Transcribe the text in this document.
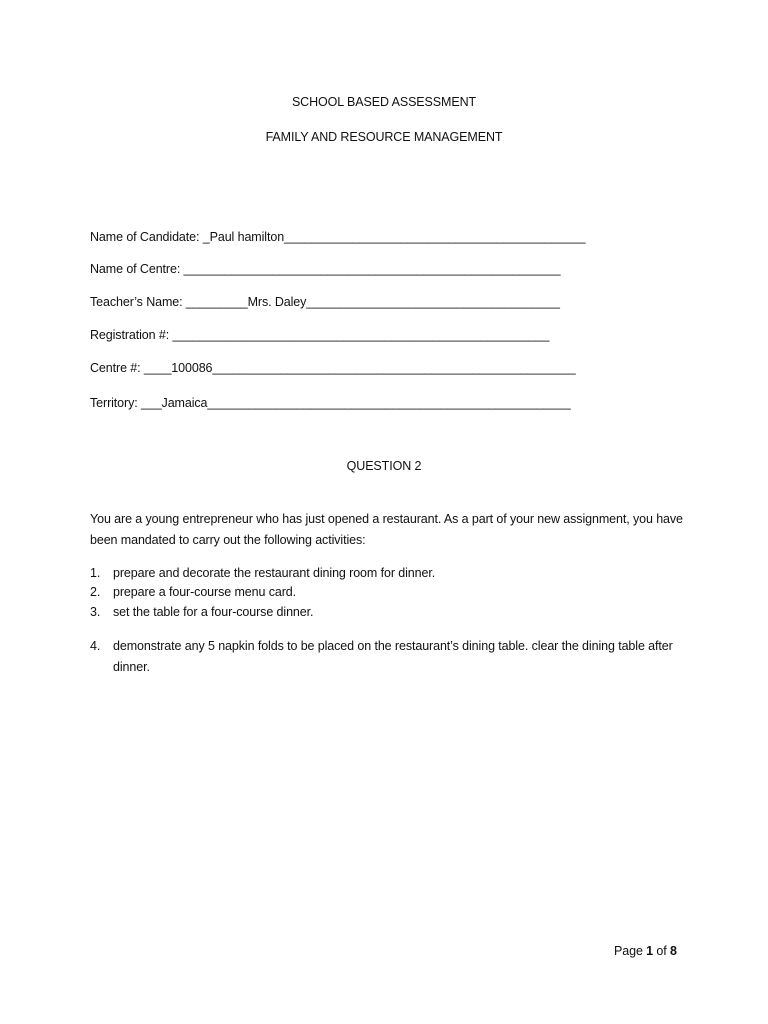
SCHOOL BASED ASSESSMENT
FAMILY AND RESOURCE MANAGEMENT
Name of Candidate: _Paul hamilton____________________________________________
Name of Centre: _______________________________________________________
Teacher’s Name: _________Mrs. Daley_____________________________________
Registration #: _______________________________________________________
Centre #: ____100086_____________________________________________________
Territory: ___Jamaica_____________________________________________________
QUESTION 2
You are a young entrepreneur who has just opened a restaurant. As a part of your new assignment, you have been mandated to carry out the following activities:
1. prepare and decorate the restaurant dining room for dinner.
2. prepare a four-course menu card.
3. set the table for a four-course dinner.
4. demonstrate any 5 napkin folds to be placed on the restaurant’s dining table. clear the dining table after dinner.
Page 1 of 8
